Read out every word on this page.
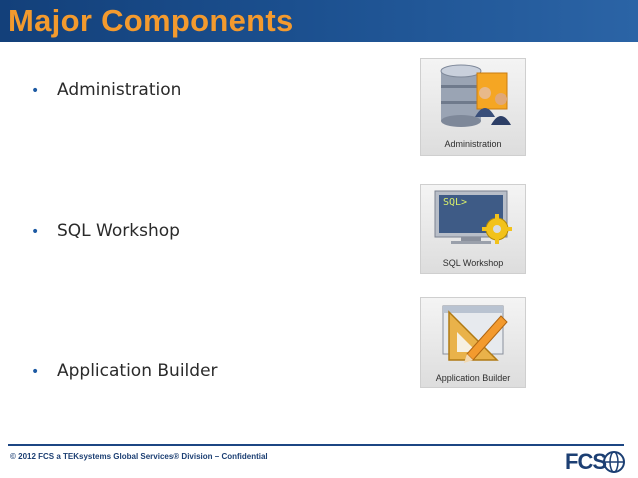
Major Components
• Administration
• SQL Workshop
• Application Builder
Administration
SQL>
SQL Workshop
Application Builder
© 2012 FCS a TEKsystems Global Services® Division – Confidential	FCS
